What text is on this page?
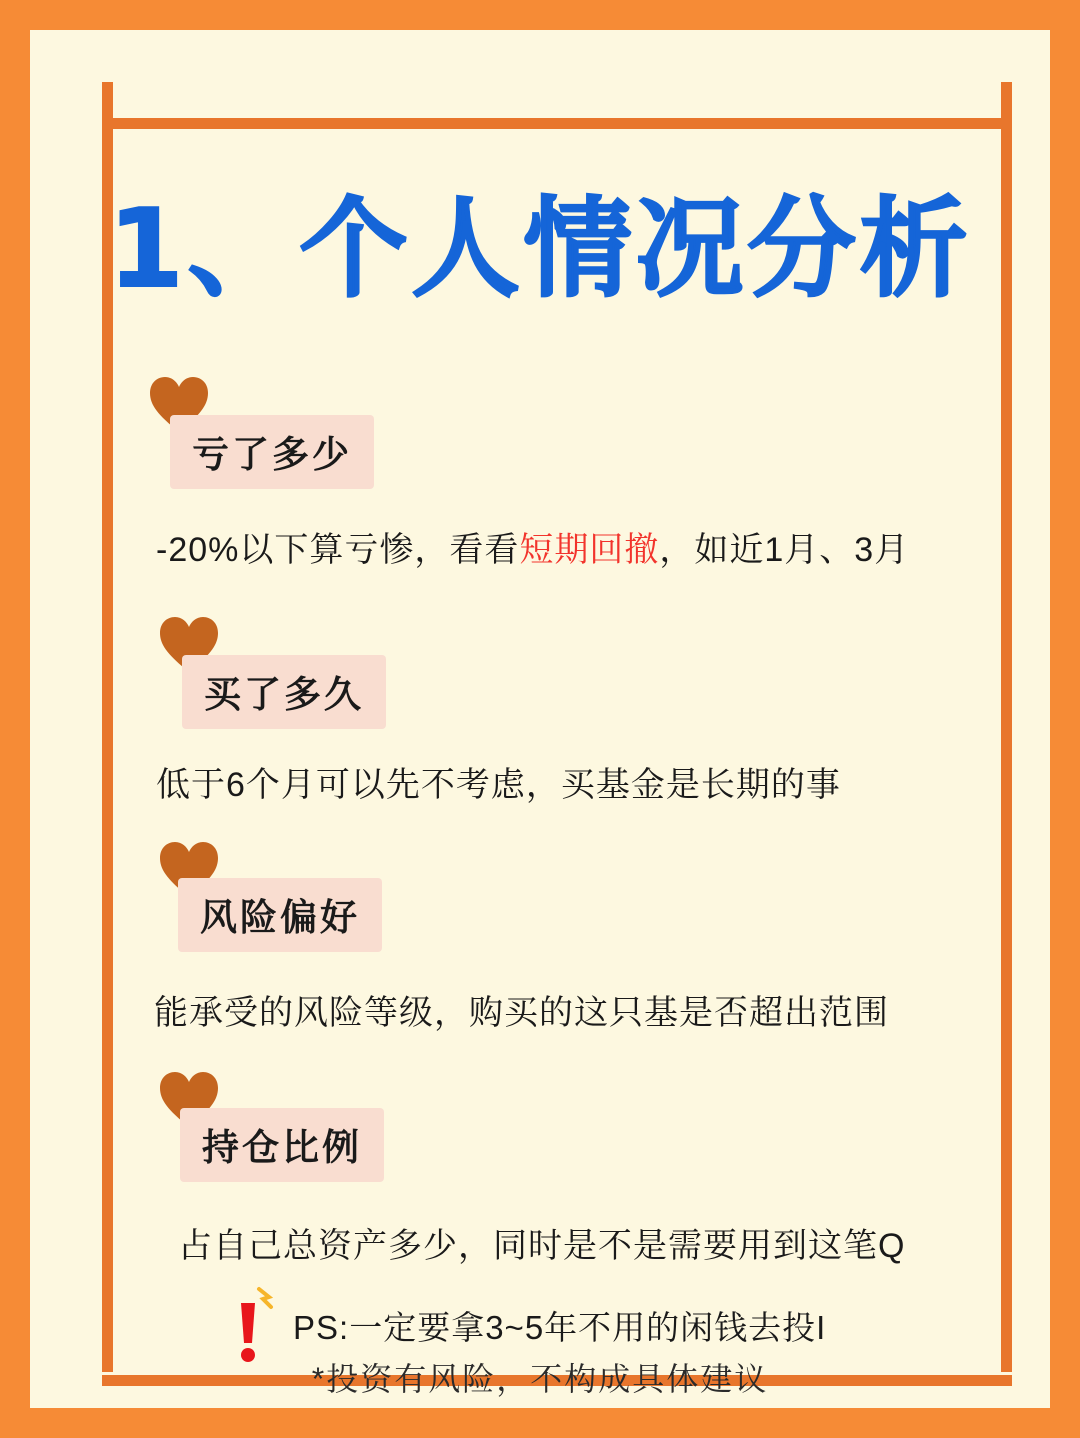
1、个人情况分析
亏了多少
-20%以下算亏惨，看看短期回撤，如近1月、3月
买了多久
低于6个月可以先不考虑，买基金是长期的事
风险偏好
能承受的风险等级，购买的这只基是否超出范围
持仓比例
占自己总资产多少，同时是不是需要用到这笔Q
PS:一定要拿3~5年不用的闲钱去投I
*投资有风险，不构成具体建议
